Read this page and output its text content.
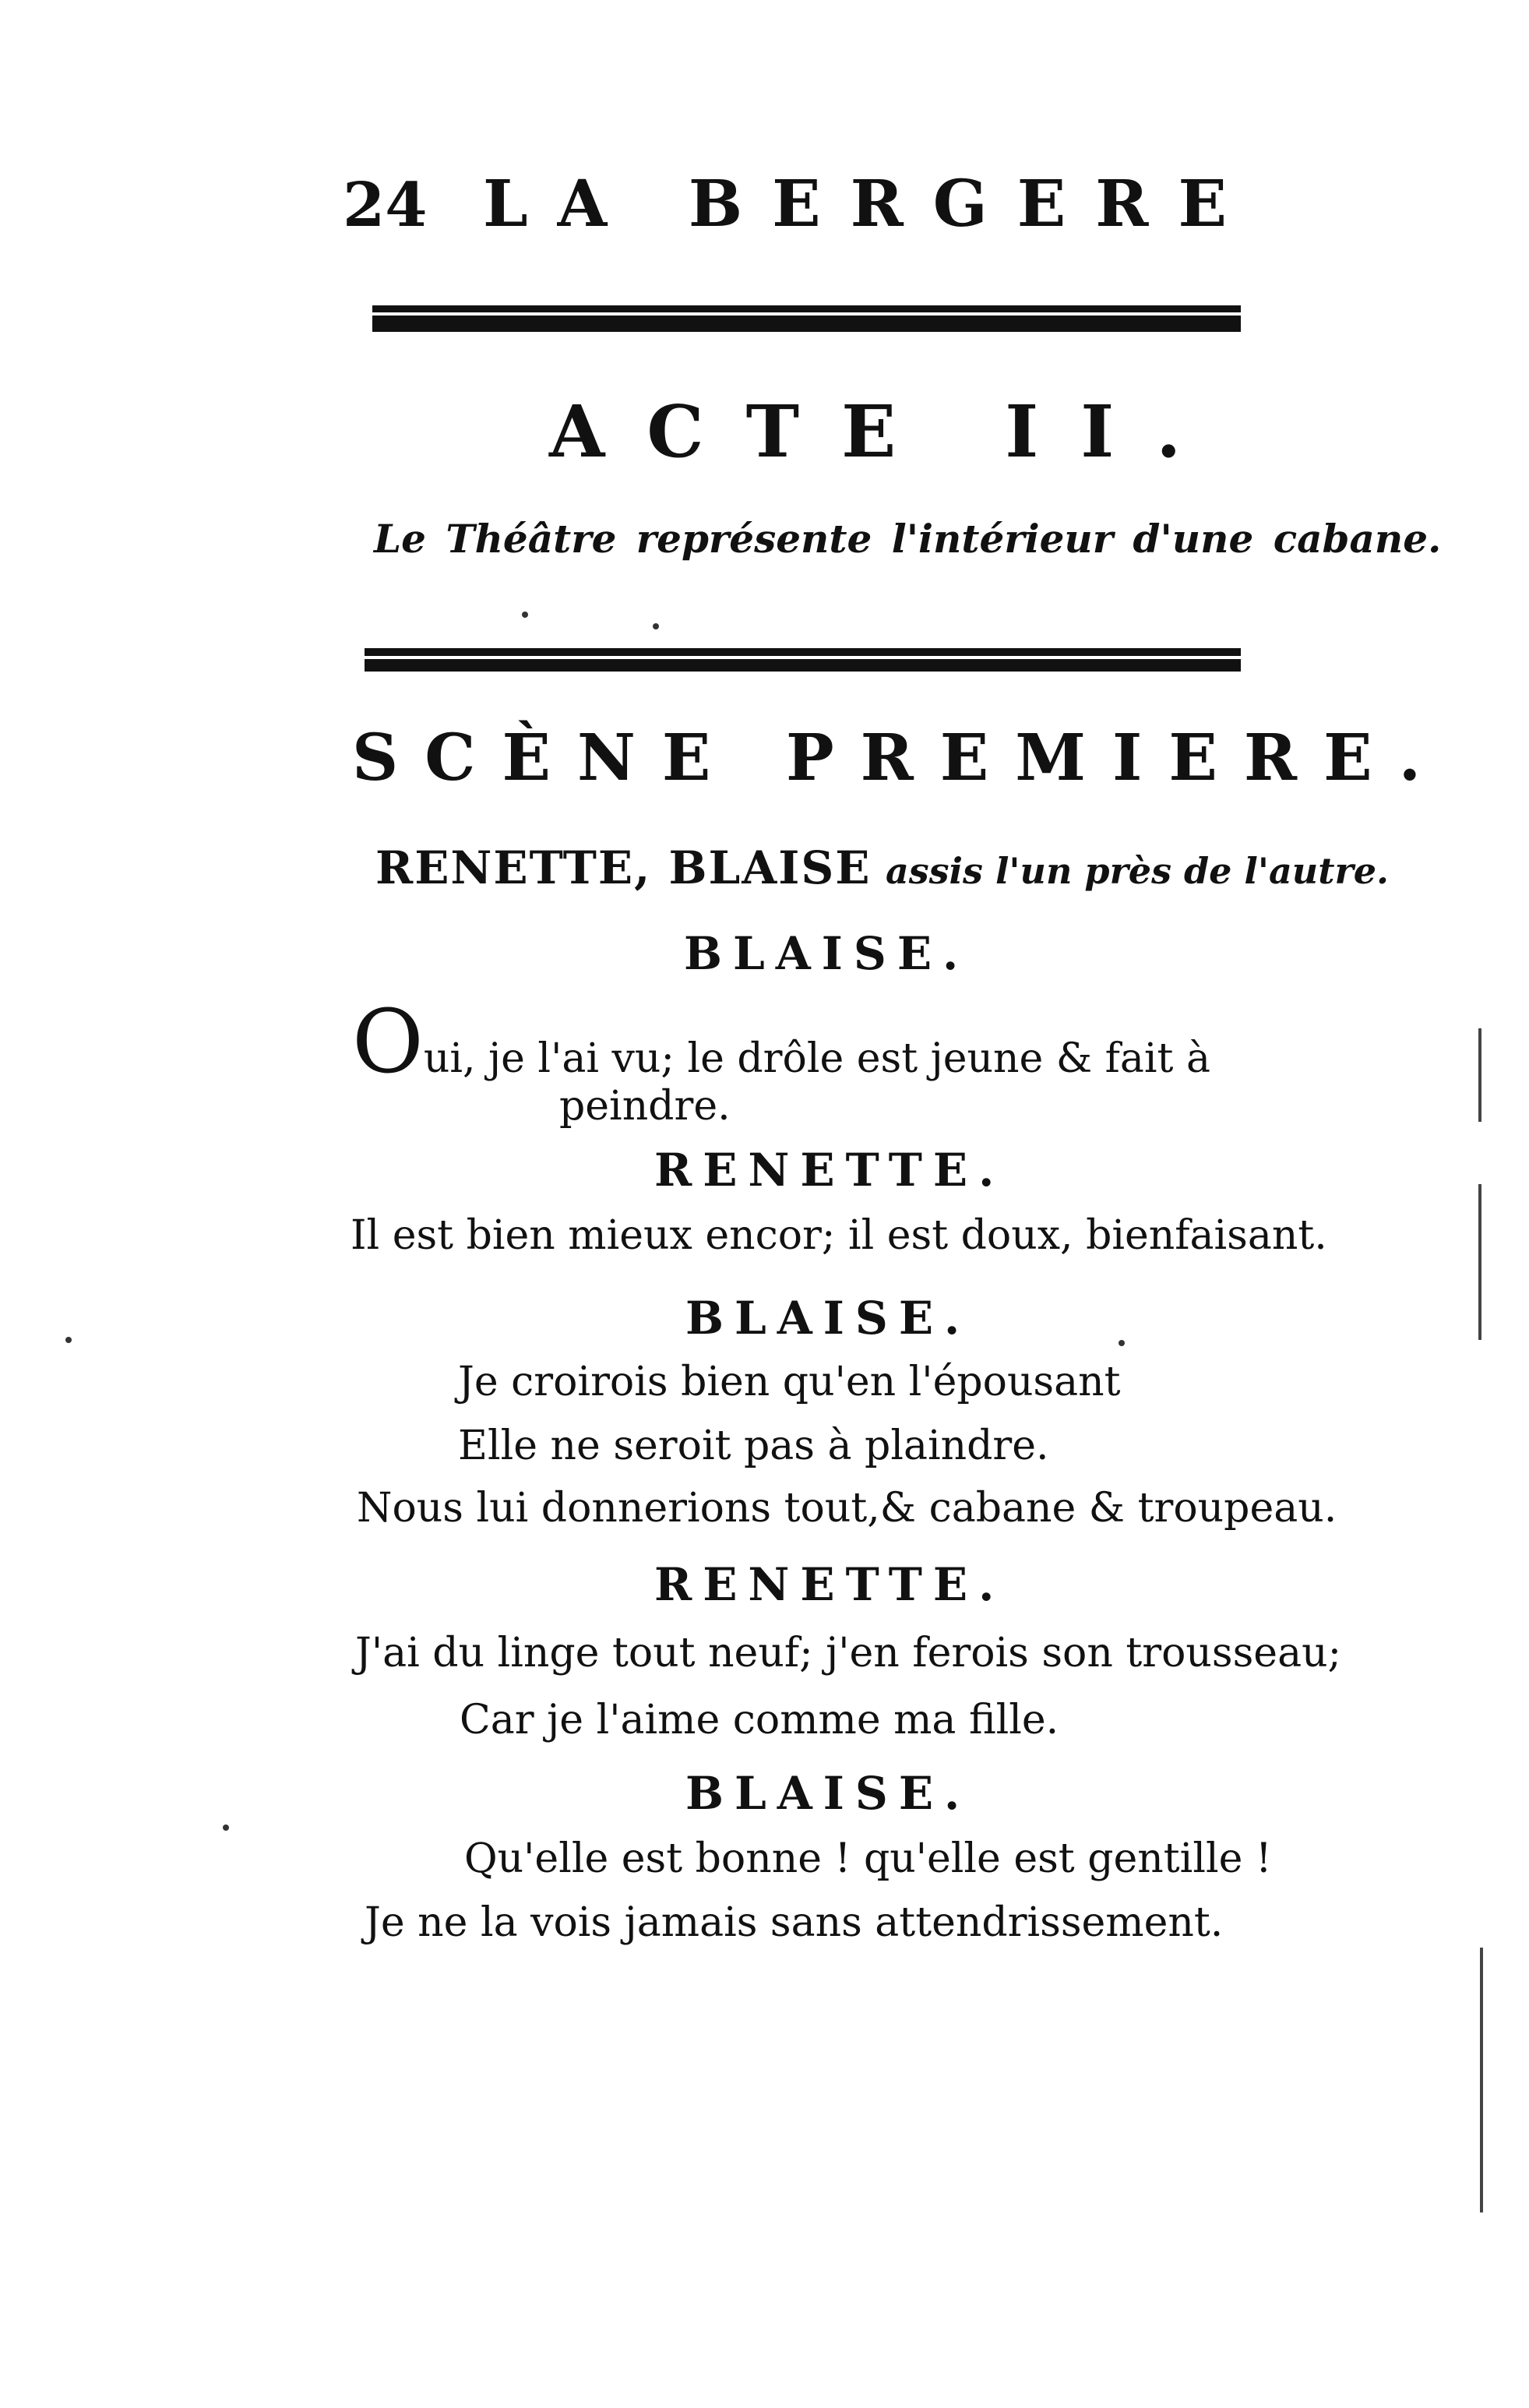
24 LA BERGERE
ACTE II.
Le Théâtre représente l'intérieur d'une cabane.
SCÈNE PREMIERE.
RENETTE, BLAISE assis l'un près de l'autre.
BLAISE.
Oui, je l'ai vu; le drôle est jeune & fait à
peindre.
RENETTE.
Il est bien mieux encor; il est doux, bienfaisant.
BLAISE.
Je croirois bien qu'en l'épousant
Elle ne seroit pas à plaindre.
Nous lui donnerions tout,& cabane & troupeau.
RENETTE.
J'ai du linge tout neuf; j'en ferois son trousseau;
Car je l'aime comme ma fille.
BLAISE.
Qu'elle est bonne ! qu'elle est gentille !
Je ne la vois jamais sans attendrissement.
